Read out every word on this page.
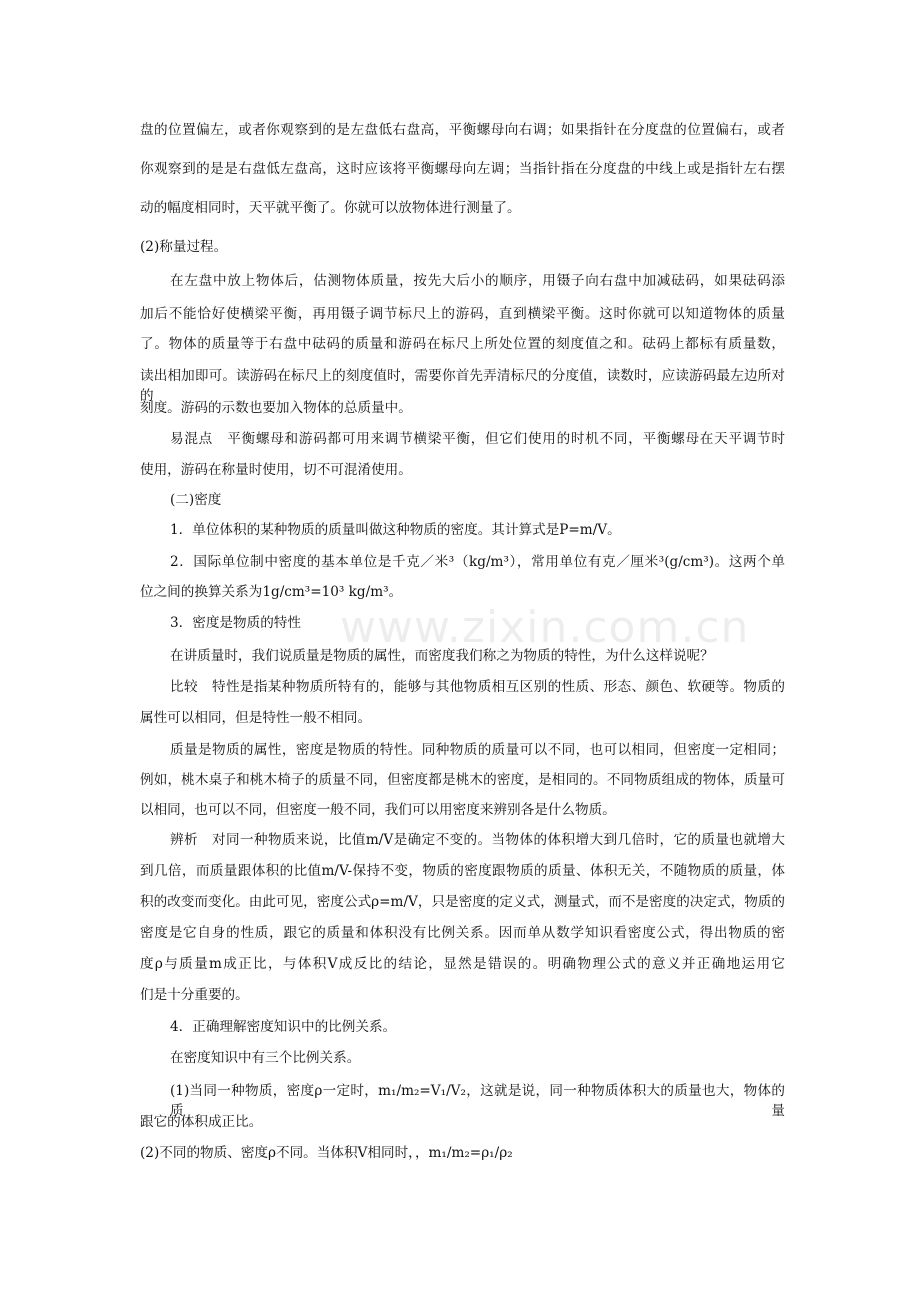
盘的位置偏左，或者你观察到的是左盘低右盘高，平衡螺母向右调；如果指针在分度盘的位置偏右，或者
你观察到的是是右盘低左盘高，这时应该将平衡螺母向左调；当指针指在分度盘的中线上或是指针左右摆
动的幅度相同时，天平就平衡了。你就可以放物体进行测量了。
(2)称量过程。
在左盘中放上物体后，估测物体质量，按先大后小的顺序，用镊子向右盘中加减砝码，如果砝码添
加后不能恰好使横梁平衡，再用镊子调节标尺上的游码，直到横梁平衡。这时你就可以知道物体的质量
了。物体的质量等于右盘中砝码的质量和游码在标尺上所处位置的刻度值之和。砝码上都标有质量数，
读出相加即可。读游码在标尺上的刻度值时，需要你首先弄清标尺的分度值，读数时，应读游码最左边所对的
刻度。游码的示数也要加入物体的总质量中。
易混点　平衡螺母和游码都可用来调节横梁平衡，但它们使用的时机不同，平衡螺母在天平调节时
使用，游码在称量时使用，切不可混淆使用。
(二)密度
1．单位体积的某种物质的质量叫做这种物质的密度。其计算式是P=m/V。
2．国际单位制中密度的基本单位是千克／米³（kg/m³），常用单位有克／厘米³(g/cm³)。这两个单
位之间的换算关系为1g/cm³=10³ kg/m³。
3．密度是物质的特性
在讲质量时，我们说质量是物质的属性，而密度我们称之为物质的特性，为什么这样说呢？
比较　特性是指某种物质所特有的，能够与其他物质相互区别的性质、形态、颜色、软硬等。物质的
属性可以相同，但是特性一般不相同。
质量是物质的属性，密度是物质的特性。同种物质的质量可以不同，也可以相同，但密度一定相同；
例如，桃木桌子和桃木椅子的质量不同，但密度都是桃木的密度，是相同的。不同物质组成的物体，质量可
以相同，也可以不同，但密度一般不同，我们可以用密度来辨别各是什么物质。
辨析　对同一种物质来说，比值m/V是确定不变的。当物体的体积增大到几倍时，它的质量也就增大
到几倍，而质量跟体积的比值m/V-保持不变，物质的密度跟物质的质量、体积无关，不随物质的质量，体
积的改变而变化。由此可见，密度公式ρ=m/V，只是密度的定义式，测量式，而不是密度的决定式，物质的
密度是它自身的性质，跟它的质量和体积没有比例关系。因而单从数学知识看密度公式，得出物质的密
度ρ与质量m成正比，与体积V成反比的结论，显然是错误的。明确物理公式的意义并正确地运用它
们是十分重要的。
4．正确理解密度知识中的比例关系。
在密度知识中有三个比例关系。
(1)当同一种物质，密度ρ一定时，m₁/m₂=V₁/V₂，这就是说，同一种物质体积大的质量也大，物体的质量
跟它的体积成正比。
(2)不同的物质、密度ρ不同。当体积V相同时，，m₁/m₂=ρ₁/ρ₂
www.zixin.com.cn
